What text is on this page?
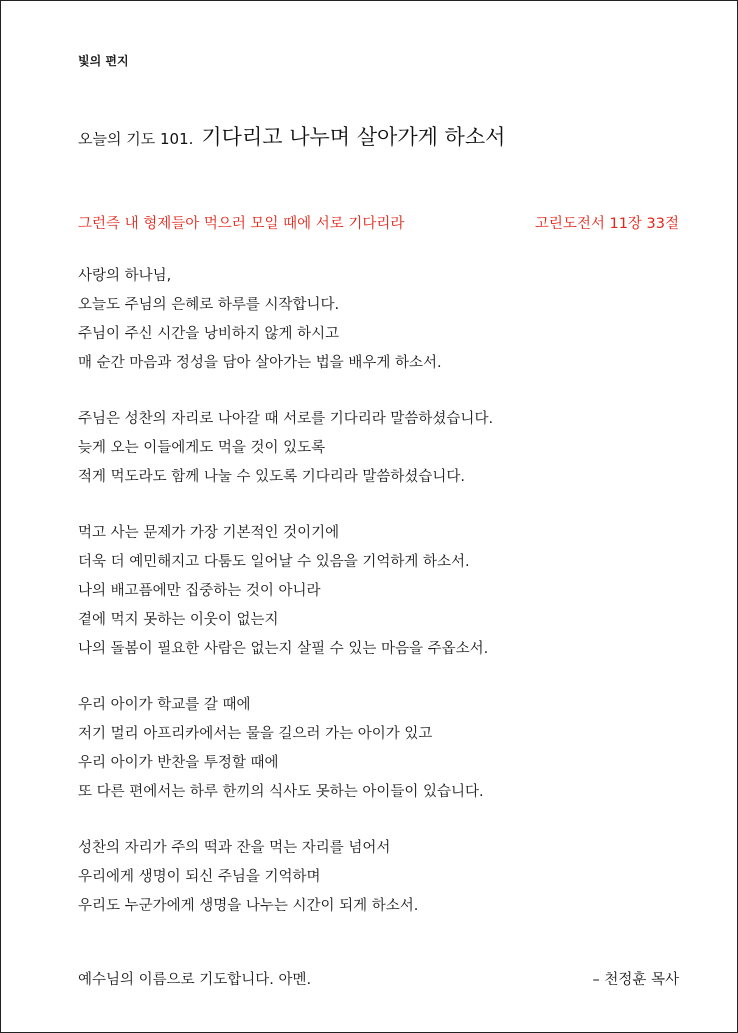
빛의 편지
오늘의 기도 101. 기다리고 나누며 살아가게 하소서
그런즉 내 형제들아 먹으러 모일 때에 서로 기다리라	고린도전서 11장 33절
사랑의 하나님,
오늘도 주님의 은혜로 하루를 시작합니다.
주님이 주신 시간을 낭비하지 않게 하시고
매 순간 마음과 정성을 담아 살아가는 법을 배우게 하소서.
주님은 성찬의 자리로 나아갈 때 서로를 기다리라 말씀하셨습니다.
늦게 오는 이들에게도 먹을 것이 있도록
적게 먹도라도 함께 나눌 수 있도록 기다리라 말씀하셨습니다.
먹고 사는 문제가 가장 기본적인 것이기에
더욱 더 예민해지고 다툼도 일어날 수 있음을 기억하게 하소서.
나의 배고픔에만 집중하는 것이 아니라
곁에 먹지 못하는 이웃이 없는지
나의 돌봄이 필요한 사람은 없는지 살필 수 있는 마음을 주옵소서.
우리 아이가 학교를 갈 때에
저기 멀리 아프리카에서는 물을 길으러 가는 아이가 있고
우리 아이가 반찬을 투정할 때에
또 다른 편에서는 하루 한끼의 식사도 못하는 아이들이 있습니다.
성찬의 자리가 주의 떡과 잔을 먹는 자리를 넘어서
우리에게 생명이 되신 주님을 기억하며
우리도 누군가에게 생명을 나누는 시간이 되게 하소서.
예수님의 이름으로 기도합니다. 아멘.	– 천정훈 목사
